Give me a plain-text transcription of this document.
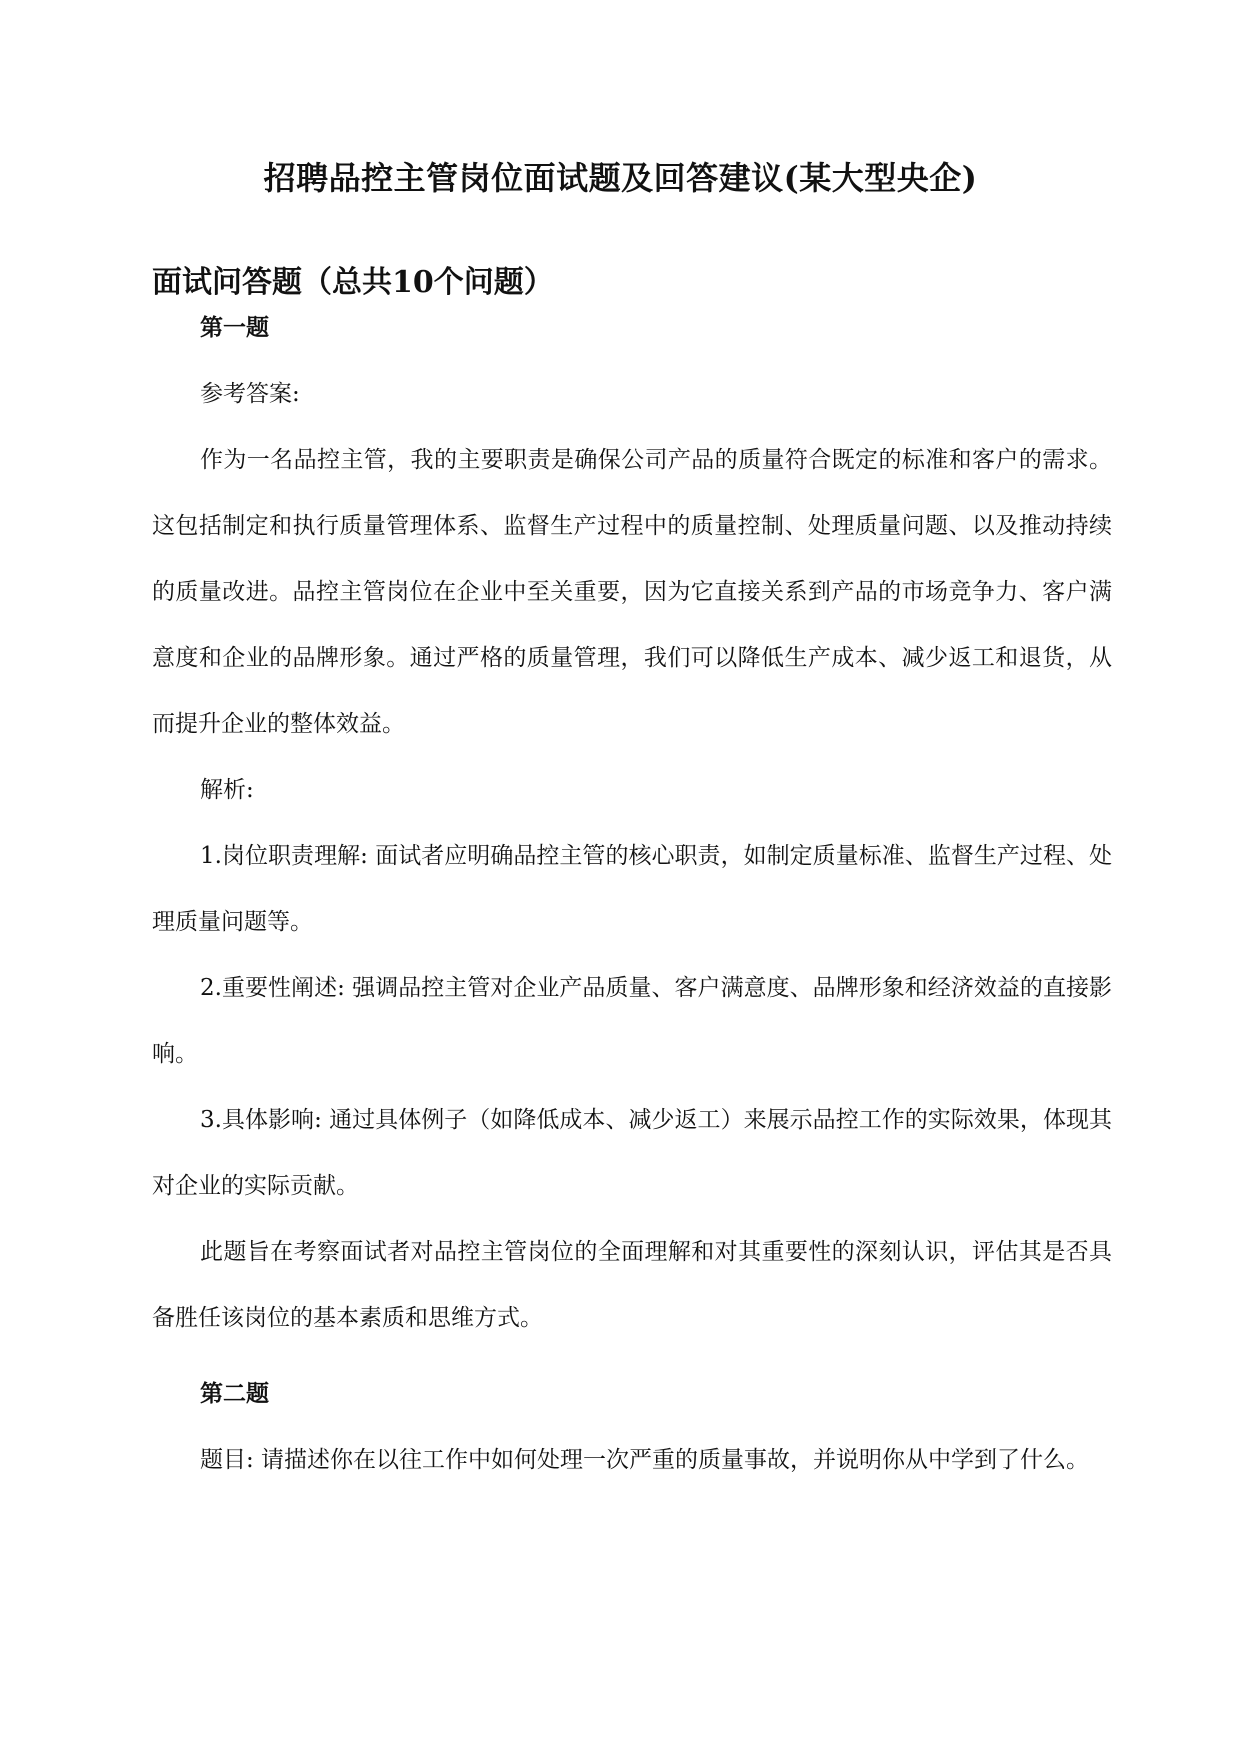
招聘品控主管岗位面试题及回答建议(某大型央企)
面试问答题（总共10个问题）

第一题

参考答案:

作为一名品控主管，我的主要职责是确保公司产品的质量符合既定的标准和客户的需求。这包括制定和执行质量管理体系、监督生产过程中的质量控制、处理质量问题、以及推动持续的质量改进。品控主管岗位在企业中至关重要，因为它直接关系到产品的市场竞争力、客户满意度和企业的品牌形象。通过严格的质量管理，我们可以降低生产成本、减少返工和退货，从而提升企业的整体效益。

解析:

1.岗位职责理解: 面试者应明确品控主管的核心职责，如制定质量标准、监督生产过程、处理质量问题等。

2.重要性阐述: 强调品控主管对企业产品质量、客户满意度、品牌形象和经济效益的直接影响。

3.具体影响: 通过具体例子（如降低成本、减少返工）来展示品控工作的实际效果，体现其对企业的实际贡献。

此题旨在考察面试者对品控主管岗位的全面理解和对其重要性的深刻认识，评估其是否具备胜任该岗位的基本素质和思维方式。

第二题

题目: 请描述你在以往工作中如何处理一次严重的质量事故，并说明你从中学到了什么。
